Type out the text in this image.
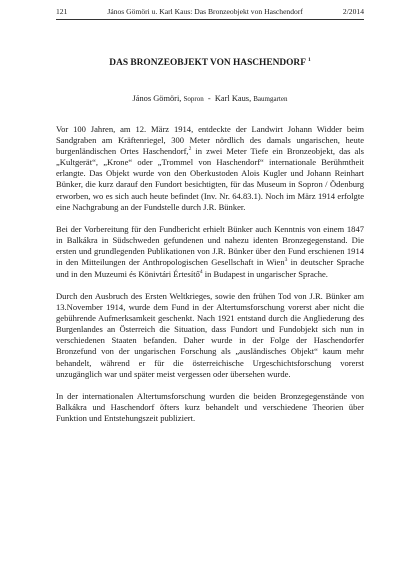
121	János Gömöri u. Karl Kaus: Das Bronzeobjekt von Haschendorf	2/2014
DAS BRONZEOBJEKT VON HASCHENDORF $^1$
János Gömöri, Sopron - Karl Kaus, Baumgarten

Vor 100 Jahren, am 12. März 1914, entdeckte der Landwirt Johann Widder beim Sandgraben am Kräftenriegel, 300 Meter nördlich des damals ungarischen, heute burgenländischen Ortes Haschendorf,$^2$ in zwei Meter Tiefe ein Bronzeobjekt, das als „Kultgerät“, „Krone“ oder „Trommel von Haschendorf“ internationale Berühmtheit erlangte. Das Objekt wurde von den Oberkustoden Alois Kugler und Johann Reinhart Bünker, die kurz darauf den Fundort besichtigten, für das Museum in Sopron / Ödenburg erworben, wo es sich auch heute befindet (Inv. Nr. 64.83.1). Noch im März 1914 erfolgte eine Nachgrabung an der Fundstelle durch J.R. Bünker.

Bei der Vorbereitung für den Fundbericht erhielt Bünker auch Kenntnis von einem 1847 in Balkákra in Südschweden gefundenen und nahezu identen Bronzegegenstand. Die ersten und grundlegenden Publikationen von J.R. Bünker über den Fund erschienen 1914 in den Mitteilungen der Anthropologischen Gesellschaft in Wien$^3$ in deutscher Sprache und in den Muzeumi és Könivtári Értesítő$^4$ in Budapest in ungarischer Sprache.

Durch den Ausbruch des Ersten Weltkrieges, sowie den frühen Tod von J.R. Bünker am 13.November 1914, wurde dem Fund in der Altertumsforschung vorerst aber nicht die gebührende Aufmerksamkeit geschenkt. Nach 1921 entstand durch die Angliederung des Burgenlandes an Österreich die Situation, dass Fundort und Fundobjekt sich nun in verschiedenen Staaten befanden. Daher wurde in der Folge der Haschendorfer Bronzefund von der ungarischen Forschung als „ausländisches Objekt“ kaum mehr behandelt, während er für die österreichische Urgeschichtsforschung vorerst unzugänglich war und später meist vergessen oder übersehen wurde.

In der internationalen Altertumsforschung wurden die beiden Bronzegegenstände von Balkákra und Haschendorf öfters kurz behandelt und verschiedene Theorien über Funktion und Entstehungszeit publiziert.
